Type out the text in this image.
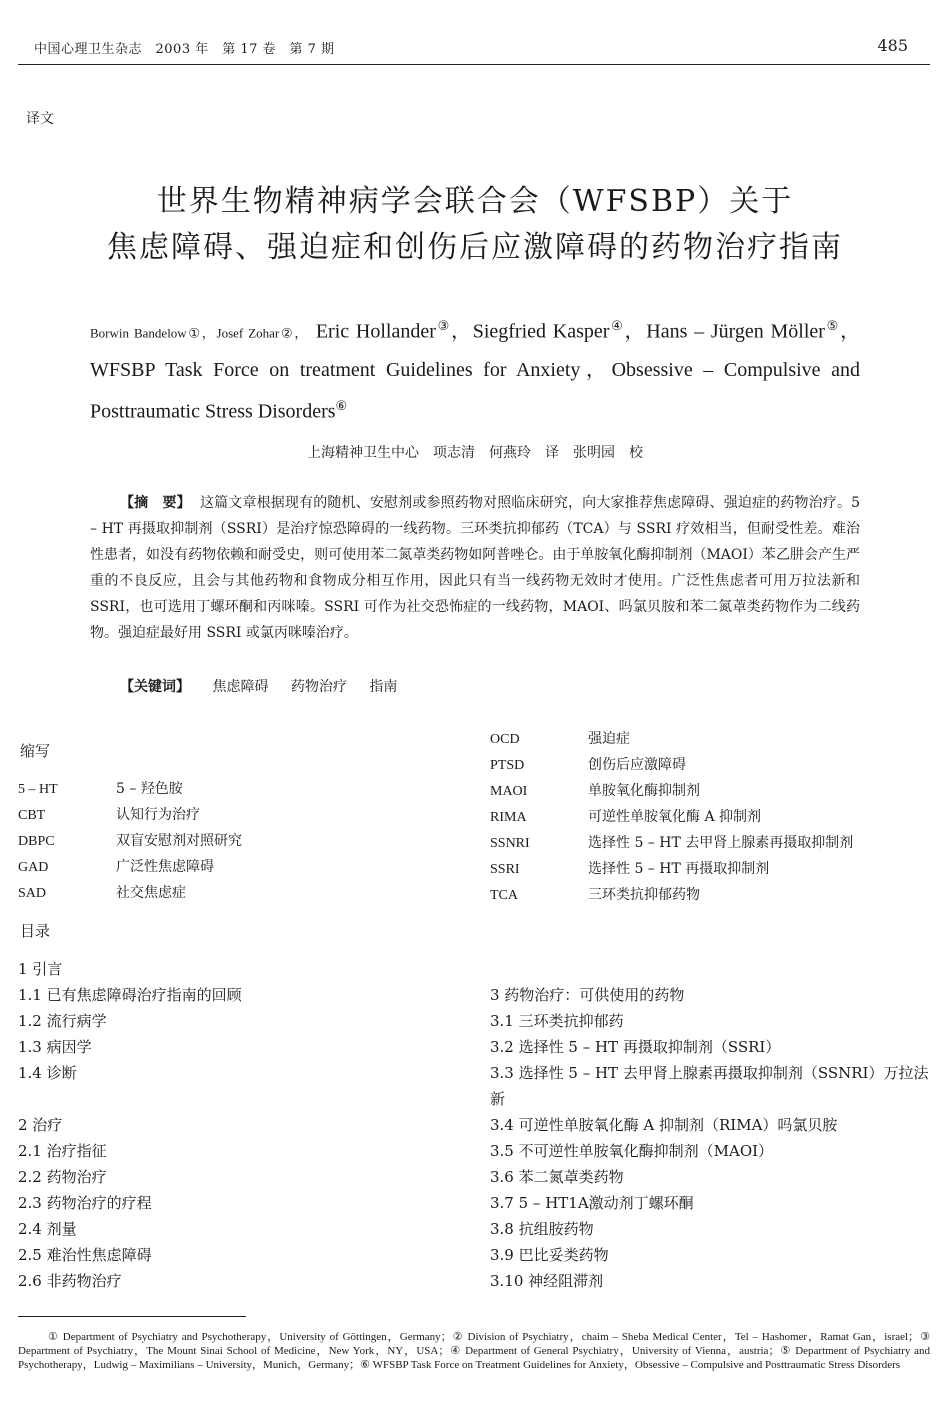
中国心理卫生杂志　2003 年　第 17 卷　第 7 期	485
译文
世界生物精神病学会联合会（WFSBP）关于
焦虑障碍、强迫症和创伤后应激障碍的药物治疗指南
Borwin Bandelow①，Josef Zohar②， Eric Hollander③，Siegfried Kasper④，Hans – Jürgen Möller⑤，WFSBP Task Force on treatment Guidelines for Anxiety，Obsessive – Compulsive and Posttraumatic Stress Disorders⑥
上海精神卫生中心　项志清　何燕玲　译　张明园　校
【摘　要】 这篇文章根据现有的随机、安慰剂或参照药物对照临床研究，向大家推荐焦虑障碍、强迫症的药物治疗。5 – HT 再摄取抑制剂（SSRI）是治疗惊恐障碍的一线药物。三环类抗抑郁药（TCA）与 SSRI 疗效相当，但耐受性差。难治性患者，如没有药物依赖和耐受史，则可使用苯二氮䓬类药物如阿普唑仑。由于单胺氧化酶抑制剂（MAOI）苯乙肼会产生严重的不良反应，且会与其他药物和食物成分相互作用，因此只有当一线药物无效时才使用。广泛性焦虑者可用万拉法新和 SSRI，也可选用丁螺环酮和丙咪嗪。SSRI 可作为社交恐怖症的一线药物，MAOI、吗氯贝胺和苯二氮䓬类药物作为二线药物。强迫症最好用 SSRI 或氯丙咪嗪治疗。
【关键词】 焦虑障碍 药物治疗 指南
缩写
5 – HT	5 – 羟色胺
CBT	认知行为治疗
DBPC	双盲安慰剂对照研究
GAD	广泛性焦虑障碍
SAD	社交焦虑症
OCD	强迫症
PTSD	创伤后应激障碍
MAOI	单胺氧化酶抑制剂
RIMA	可逆性单胺氧化酶 A 抑制剂
SSNRI	选择性 5 – HT 去甲肾上腺素再摄取抑制剂
SSRI	选择性 5 – HT 再摄取抑制剂
TCA	三环类抗抑郁药物
目录
1 引言
1.1 已有焦虑障碍治疗指南的回顾
1.2 流行病学
1.3 病因学
1.4 诊断
2 治疗
2.1 治疗指征
2.2 药物治疗
2.3 药物治疗的疗程
2.4 剂量
2.5 难治性焦虑障碍
2.6 非药物治疗
3 药物治疗：可供使用的药物
3.1 三环类抗抑郁药
3.2 选择性 5 – HT 再摄取抑制剂（SSRI）
3.3 选择性 5 – HT 去甲肾上腺素再摄取抑制剂（SSNRI）万拉法新
3.4 可逆性单胺氧化酶 A 抑制剂（RIMA）吗氯贝胺
3.5 不可逆性单胺氧化酶抑制剂（MAOI）
3.6 苯二氮䓬类药物
3.7 5 – HT1A激动剂丁螺环酮
3.8 抗组胺药物
3.9 巴比妥类药物
3.10 神经阻滞剂
① Department of Psychiatry and Psychotherapy，University of Göttingen，Germany；② Division of Psychiatry，chaim – Sheba Medical Center，Tel – Hashomer，Ramat Gan，israel；③ Department of Psychiatry，The Mount Sinai School of Medicine，New York，NY，USA；④ Department of General Psychiatry，University of Vienna，austria；⑤ Department of Psychiatry and Psychotherapy，Ludwig – Maximilians – University，Munich，Germany；⑥ WFSBP Task Force on Treatment Guidelines for Anxiety，Obsessive – Compulsive and Posttraumatic Stress Disorders
